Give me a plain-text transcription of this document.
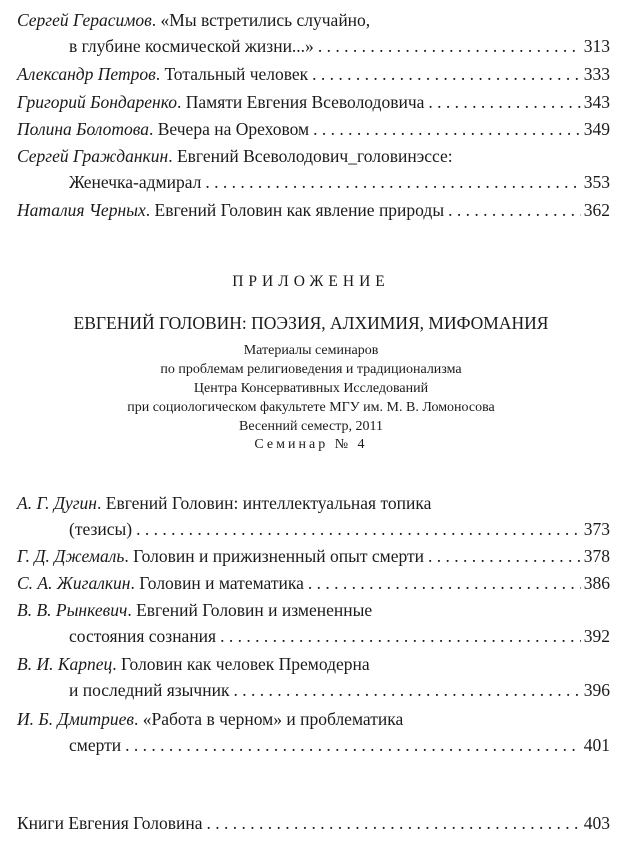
Сергей Герасимов . «Мы встретились случайно,
в глубине космической жизни...» . . .	313
Александр Петров . Тотальный человек . . .	333
Григорий Бондаренко . Памяти Евгения Всеволодовича . . .	343
Полина Болотова . Вечера на Ореховом . . .	349
Сергей Гражданкин . Евгений Всеволодович_головинэссе:
Женечка-адмирал . . .	353
Наталия Черных . Евгений Головин как явление природы . . .	362
ПРИЛОЖЕНИЕ
ЕВГЕНИЙ ГОЛОВИН: ПОЭЗИЯ, АЛХИМИЯ, МИФОМАНИЯ
Материалы семинаров
по проблемам религиоведения и традиционализма
Центра Консервативных Исследований
при социологическом факультете МГУ им. М. В. Ломоносова
Весенний семестр, 2011
Семинар № 4
А. Г. Дугин . Евгений Головин: интеллектуальная топика
(тезисы) . . .	373
Г. Д. Джемаль . Головин и прижизненный опыт смерти . . .	378
С. А. Жигалкин . Головин и математика . . .	386
В. В. Рынкевич . Евгений Головин и измененные
состояния сознания . . .	392
В. И. Карпец . Головин как человек Премодерна
и последний язычник . . .	396
И. Б. Дмитриев . «Работа в черном» и проблематика
смерти . . .	401
Книги Евгения Головина . . .	403
